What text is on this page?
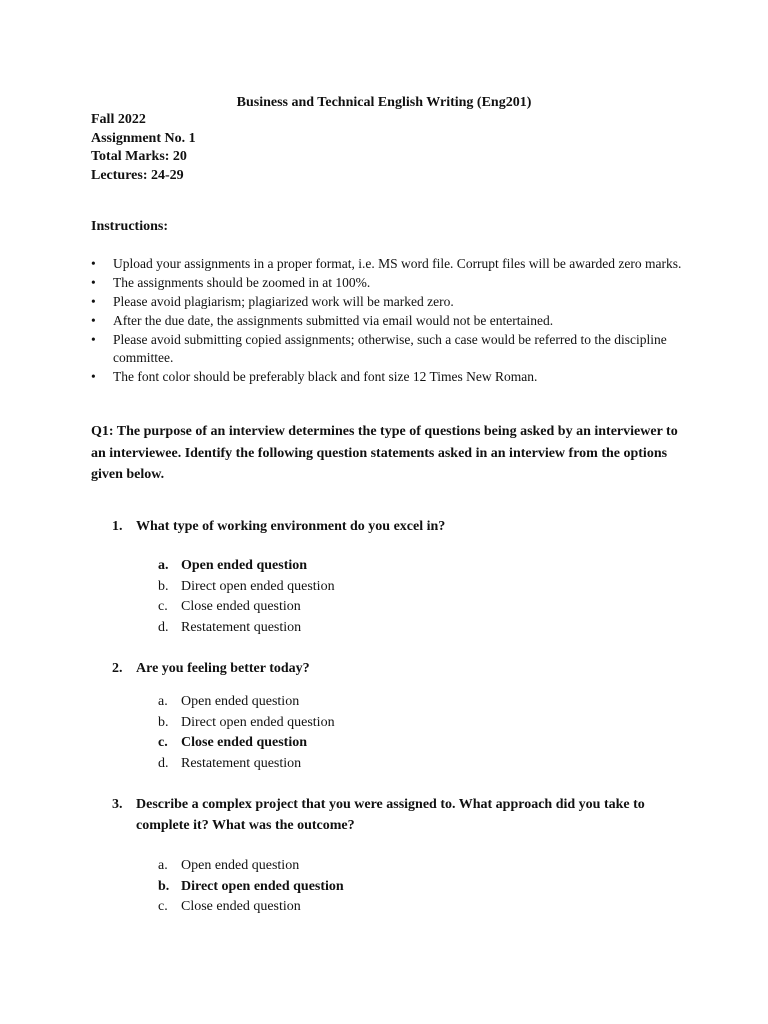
Business and Technical English Writing (Eng201)
Fall 2022
Assignment No. 1
Total Marks: 20
Lectures: 24-29
Instructions:
• Upload your assignments in a proper format, i.e. MS word file. Corrupt files will be awarded zero marks.
• The assignments should be zoomed in at 100%.
• Please avoid plagiarism; plagiarized work will be marked zero.
• After the due date, the assignments submitted via email would not be entertained.
• Please avoid submitting copied assignments; otherwise, such a case would be referred to the discipline committee.
• The font color should be preferably black and font size 12 Times New Roman.
Q1: The purpose of an interview determines the type of questions being asked by an interviewer to an interviewee. Identify the following question statements asked in an interview from the options given below.
1. What type of working environment do you excel in?
a. Open ended question
b. Direct open ended question
c. Close ended question
d. Restatement question
2. Are you feeling better today?
a. Open ended question
b. Direct open ended question
c. Close ended question
d. Restatement question
3. Describe a complex project that you were assigned to. What approach did you take to complete it? What was the outcome?
a. Open ended question
b. Direct open ended question
c. Close ended question
